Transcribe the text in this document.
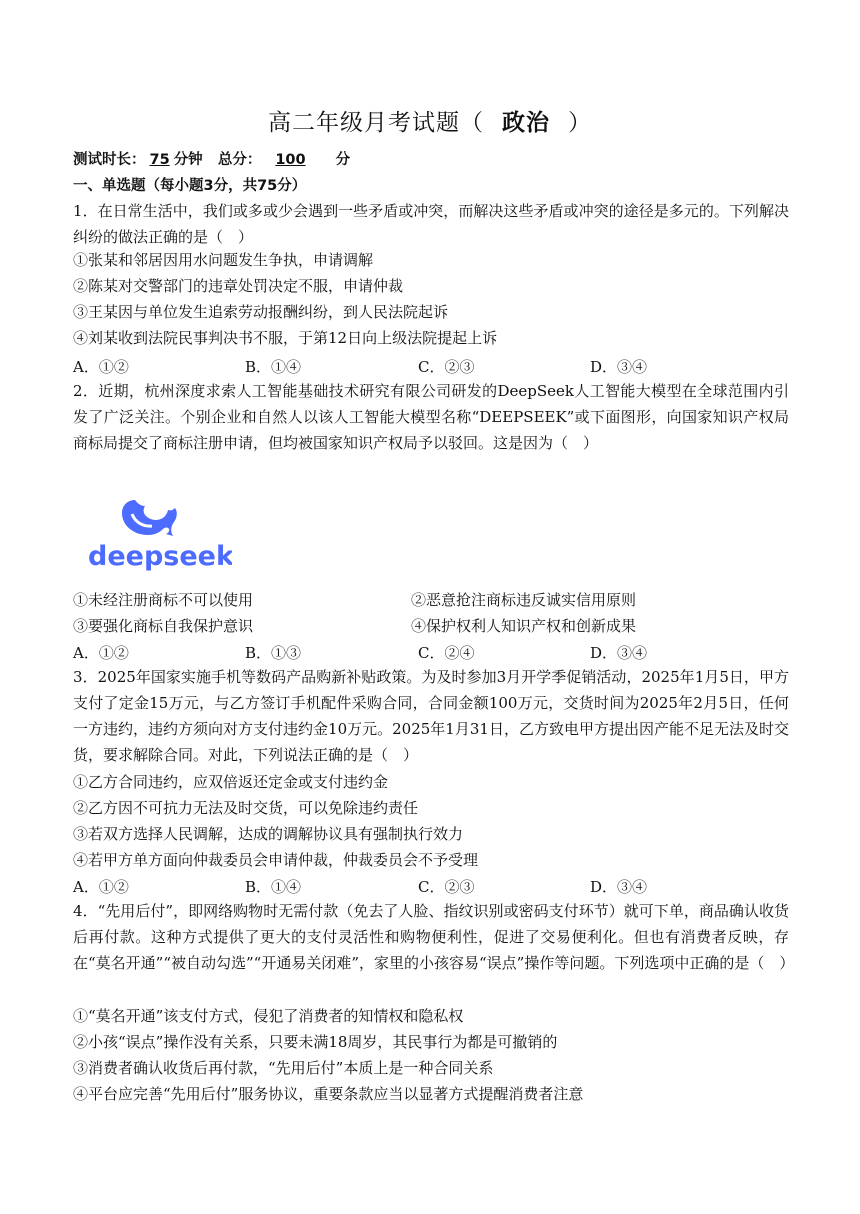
高二年级月考试题（ 政治 ）
测试时长： 75 分钟 总分： 100 分
一、单选题（每小题3分，共75分）
1．在日常生活中，我们或多或少会遇到一些矛盾或冲突，而解决这些矛盾或冲突的途径是多元的。下列解决纠纷的做法正确的是（　）
①张某和邻居因用水问题发生争执，申请调解
②陈某对交警部门的违章处罚决定不服，申请仲裁
③王某因与单位发生追索劳动报酬纠纷，到人民法院起诉
④刘某收到法院民事判决书不服，于第12日向上级法院提起上诉
A．①②	B．①④	C．②③	D．③④
2．近期，杭州深度求索人工智能基础技术研究有限公司研发的DeepSeek人工智能大模型在全球范围内引发了广泛关注。个别企业和自然人以该人工智能大模型名称“DEEPSEEK”或下面图形，向国家知识产权局商标局提交了商标注册申请，但均被国家知识产权局予以驳回。这是因为（　）
deepseek
①未经注册商标不可以使用	②恶意抢注商标违反诚实信用原则
③要强化商标自我保护意识	④保护权利人知识产权和创新成果
A．①②	B．①③	C．②④	D．③④
3．2025年国家实施手机等数码产品购新补贴政策。为及时参加3月开学季促销活动，2025年1月5日，甲方支付了定金15万元，与乙方签订手机配件采购合同，合同金额100万元，交货时间为2025年2月5日，任何一方违约，违约方须向对方支付违约金10万元。2025年1月31日，乙方致电甲方提出因产能不足无法及时交货，要求解除合同。对此，下列说法正确的是（　）
①乙方合同违约，应双倍返还定金或支付违约金
②乙方因不可抗力无法及时交货，可以免除违约责任
③若双方选择人民调解，达成的调解协议具有强制执行效力
④若甲方单方面向仲裁委员会申请仲裁，仲裁委员会不予受理
A．①②	B．①④	C．②③	D．③④
4．“先用后付”，即网络购物时无需付款（免去了人脸、指纹识别或密码支付环节）就可下单，商品确认收货后再付款。这种方式提供了更大的支付灵活性和购物便利性，促进了交易便利化。但也有消费者反映，存在“莫名开通”“被自动勾选”“开通易关闭难”，家里的小孩容易“误点”操作等问题。下列选项中正确的是（　）
①“莫名开通”该支付方式，侵犯了消费者的知情权和隐私权
②小孩“误点”操作没有关系，只要未满18周岁，其民事行为都是可撤销的
③消费者确认收货后再付款，“先用后付”本质上是一种合同关系
④平台应完善“先用后付”服务协议，重要条款应当以显著方式提醒消费者注意
